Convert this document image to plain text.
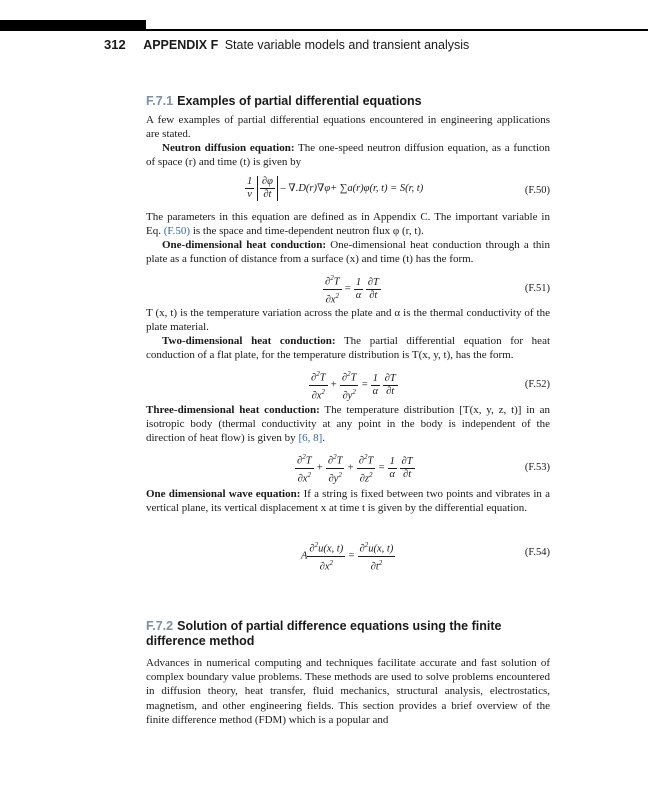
312 APPENDIX F State variable models and transient analysis
F.7.1 Examples of partial differential equations
A few examples of partial differential equations encountered in engineering applications are stated.
Neutron diffusion equation: The one-speed neutron diffusion equation, as a function of space (r) and time (t) is given by
$\frac{1}{v}$
$\frac{\partial\varphi}{\partial t} - \nabla.D(r)\nabla\varphi+ \sum a(r)\varphi(r$, t) = S(r, t)	(F.50)
The parameters in this equation are defined as in Appendix C. The important variable in Eq. (F.50) is the space and time-dependent neutron flux φ (r, t).
One-dimensional heat conduction: One-dimensional heat conduction through a thin plate as a function of distance from a surface (x) and time (t) has the form.
$\frac{\partial^2T}{\partial x^2} = \frac{1}{\alpha}$
$\frac{\partial T}{\partial t}$	(F.51)
T (x, t) is the temperature variation across the plate and α is the thermal conductivity of the plate material.
Two-dimensional heat conduction: The partial differential equation for heat conduction of a flat plate, for the temperature distribution is T(x, y, t), has the form.
$\frac{\partial^2T}{\partial x^2} + \frac{\partial^2T}{\partial y^2} = \frac{1}{\alpha}$
$\frac{\partial T}{\partial t}$	(F.52)
Three-dimensional heat conduction: The temperature distribution [T(x, y, z, t)] in an isotropic body (thermal conductivity at any point in the body is independent of the direction of heat flow) is given by [6, 8].
$\frac{\partial^2T}{\partial x^2} + \frac{\partial^2T}{\partial y^2} + \frac{\partial^2T}{\partial z^2} = \frac{1}{\alpha}$
$\frac{\partial T}{\partial t}$	(F.53)
One dimensional wave equation: If a string is fixed between two points and vibrates in a vertical plane, its vertical displacement x at time t is given by the differential equation.
A $\frac{\partial^2u(x, t)}{\partial x^2} = \frac{\partial^2u(x, t)}{\partial t^2}$	(F.54)
F.7.2 Solution of partial difference equations using the finite difference method
Advances in numerical computing and techniques facilitate accurate and fast solution of complex boundary value problems. These methods are used to solve problems encountered in diffusion theory, heat transfer, fluid mechanics, structural analysis, electrostatics, magnetism, and other engineering fields. This section provides a brief overview of the finite difference method (FDM) which is a popular and
